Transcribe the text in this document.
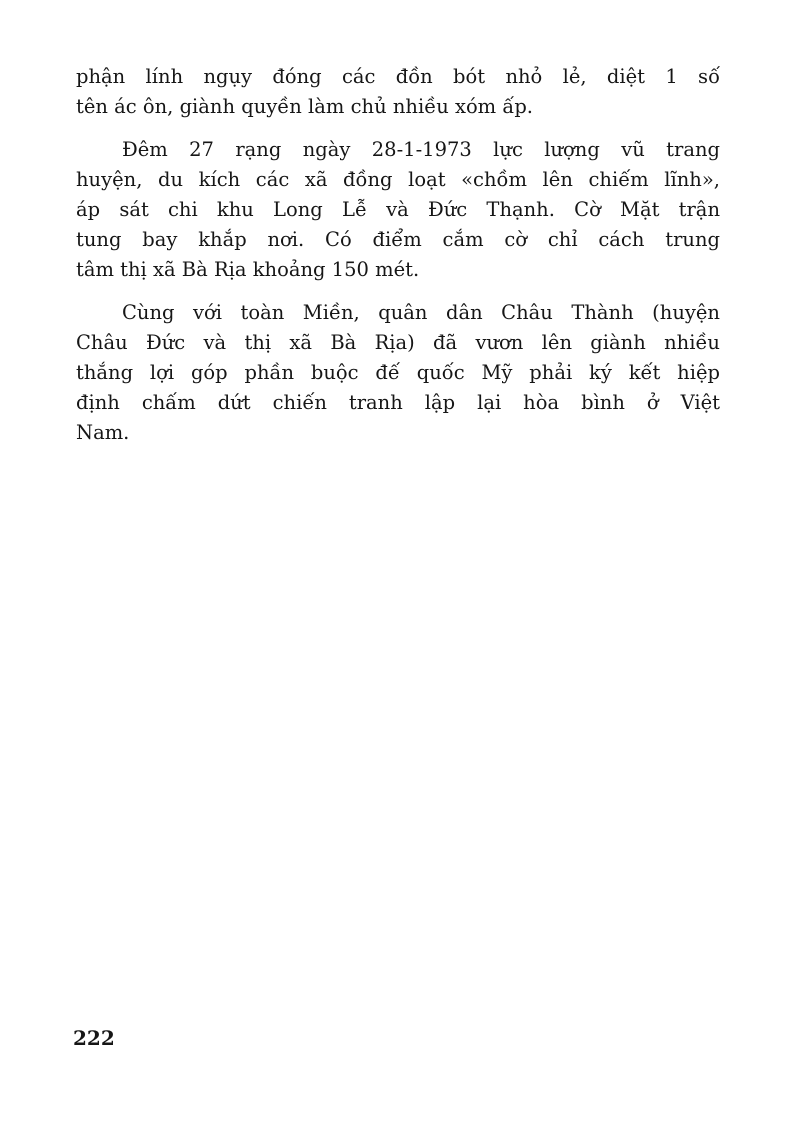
phận lính ngụy đóng các đồn bót nhỏ lẻ, diệt 1 số
tên ác ôn, giành quyền làm chủ nhiều xóm ấp.
Đêm 27 rạng ngày 28-1-1973 lực lượng vũ trang
huyện, du kích các xã đồng loạt «chồm lên chiếm lĩnh»,
áp sát chi khu Long Lễ và Đức Thạnh. Cờ Mặt trận
tung bay khắp nơi. Có điểm cắm cờ chỉ cách trung
tâm thị xã Bà Rịa khoảng 150 mét.
Cùng với toàn Miền, quân dân Châu Thành (huyện
Châu Đức và thị xã Bà Rịa) đã vươn lên giành nhiều
thắng lợi góp phần buộc đế quốc Mỹ phải ký kết hiệp
định chấm dứt chiến tranh lập lại hòa bình ở Việt
Nam.
222
